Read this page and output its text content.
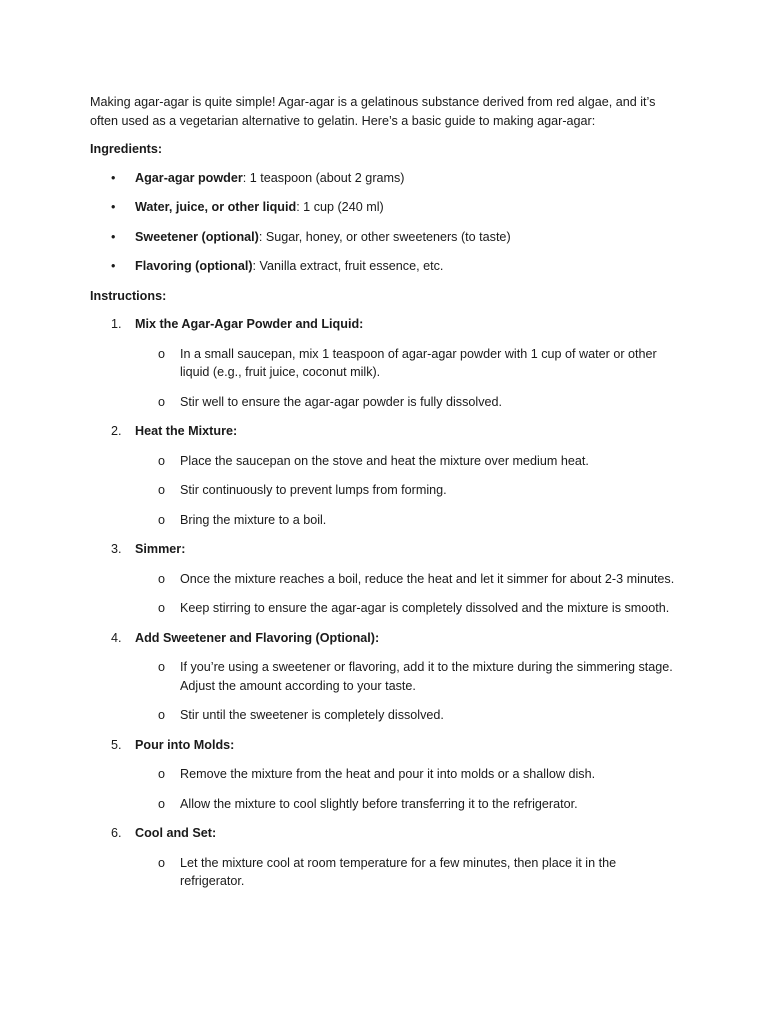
Making agar-agar is quite simple! Agar-agar is a gelatinous substance derived from red algae, and it’s often used as a vegetarian alternative to gelatin. Here’s a basic guide to making agar-agar:

Ingredients:

• Agar-agar powder: 1 teaspoon (about 2 grams)
• Water, juice, or other liquid: 1 cup (240 ml)
• Sweetener (optional): Sugar, honey, or other sweeteners (to taste)
• Flavoring (optional): Vanilla extract, fruit essence, etc.

Instructions:

1. Mix the Agar-Agar Powder and Liquid:
o In a small saucepan, mix 1 teaspoon of agar-agar powder with 1 cup of water or other liquid (e.g., fruit juice, coconut milk).
o Stir well to ensure the agar-agar powder is fully dissolved.
2. Heat the Mixture:
o Place the saucepan on the stove and heat the mixture over medium heat.
o Stir continuously to prevent lumps from forming.
o Bring the mixture to a boil.
3. Simmer:
o Once the mixture reaches a boil, reduce the heat and let it simmer for about 2-3 minutes.
o Keep stirring to ensure the agar-agar is completely dissolved and the mixture is smooth.
4. Add Sweetener and Flavoring (Optional):
o If you’re using a sweetener or flavoring, add it to the mixture during the simmering stage. Adjust the amount according to your taste.
o Stir until the sweetener is completely dissolved.
5. Pour into Molds:
o Remove the mixture from the heat and pour it into molds or a shallow dish.
o Allow the mixture to cool slightly before transferring it to the refrigerator.
6. Cool and Set:
o Let the mixture cool at room temperature for a few minutes, then place it in the refrigerator.
